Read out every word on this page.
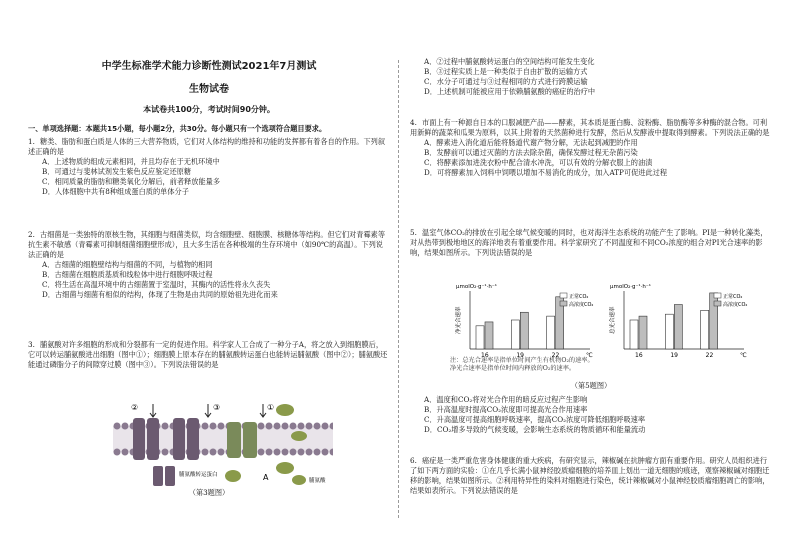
中学生标准学术能力诊断性测试2021年7月测试
生物试卷
本试卷共100分，考试时间90分钟。
一、单项选择题：本题共15小题，每小题2分，共30分。每小题只有一个选项符合题目要求。

1. 糖类、脂肪和蛋白质是人体的三大营养物质，它们对人体结构的维持和功能的发挥都有着各自的作用。下列叙述正确的是

A．上述物质的组成元素相同，并且均存在于无机环境中

B．可通过与斐林试剂发生紫色反应鉴定还原糖

C．相同质量的脂肪和糖类氧化分解后，前者释放能量多

D．人体细胞中共有8种组成蛋白质的单体分子

2. 古细菌是一类独特的原核生物，其细胞与细菌类似，均含细胞壁、细胞膜、核糖体等结构。但它们对青霉素等抗生素不敏感（青霉素可抑制细菌细胞壁形成），且大多生活在各种极端的生存环境中（如90℃的高温）。下列说法正确的是

A．古细菌的细胞壁结构与细菌的不同，与植物的相同

B．古细菌在细胞质基质和线粒体中进行细胞呼吸过程

C．将生活在高温环境中的古细菌置于室温时，其酶内的活性将永久丧失

D．古细菌与细菌有相似的结构，体现了生物是由共同的原始祖先进化而来

3. 脯氨酸对许多细胞的形成和分裂都有一定的促进作用。科学家人工合成了一种分子A，将之放入到细胞膜后，它可以转运脯氨酸进出细胞（图中①）；细胞膜上原本存在的脯氨酸转运蛋白也能转运脯氨酸（图中②）；脯氨酸还能通过磷脂分子的间隙穿过膜（图中③）。下列说法错误的是

②	③	①
A
脯氨酸转运蛋白
脯氨酸
（第3题图）

A．②过程中脯氨酸转运蛋白的空间结构可能发生变化

B．③过程实质上是一种类似于自由扩散的运输方式

C．水分子可通过与③过程相同的方式进行跨膜运输

D．上述机制可能被应用于依赖脯氨酸的癌症的治疗中

4. 市面上有一种源自日本的口服减肥产品——酵素，其本质是蛋白酶、淀粉酶、脂肪酶等多种酶的混合物。可利用新鲜的蔬菜和瓜果为原料，以其上附着的天然菌种进行发酵，然后从发酵液中提取得到酵素。下列说法正确的是

A．酵素进入消化道后能将肠道代谢产物分解，无法起到减肥的作用

B．发酵前可以通过灭菌的方法去除杂菌，确保发酵过程无杂菌污染

C．将酵素添加进洗衣粉中配合清水冲洗，可以有效的分解衣服上的油渍

D．可将酵素加入饲料中饲喂以增加不易消化的成分，加入ATP可促进此过程

5. 温室气体CO₂的排放在引起全球气候变暖的同时，也对海洋生态系统的功能产生了影响。PI是一种转化藻类，对从热带到极地地区的海洋地表有着重要作用。科学家研究了不同温度和不同CO₂浓度的组合对PI光合速率的影响，结果如图所示。下列说法错误的是

μmolO₂·g⁻¹·h⁻¹
净光合速率
16	19	22	℃
正常CO₂
高浓度CO₂
μmolO₂·g⁻¹·h⁻¹
总光合速率
16	19	22	℃
正常CO₂
高浓度CO₂
注：总光合速率是指单位时间产生有机物O₂的速率。
净光合速率是指单位时间内释放的O₂的速率。
（第5题图）

A．温度和CO₂将对光合作用的暗反应过程产生影响

B．升高温度时提高CO₂浓度即可提高光合作用速率

C．升高温度可提高细胞呼吸速率，提高CO₂浓度可降低细胞呼吸速率

D．CO₂增多导致的气候变暖，会影响生态系统的物质循环和能量流动

6. 癌症是一类严重危害身体健康的重大疾病，有研究显示，辣椒碱在抗肿瘤方面有重要作用。研究人员组织进行了如下两方面的实验：①在几乎长满小鼠神经胶质瘤细胞的培养皿上划出一道无细胞的痕迹，观察辣椒碱对细胞迁移的影响，结果如图所示。②利用特异性的染料对细胞进行染色，统计辣椒碱对小鼠神经胶质瘤细胞凋亡的影响，结果如表所示。下列说法错误的是
